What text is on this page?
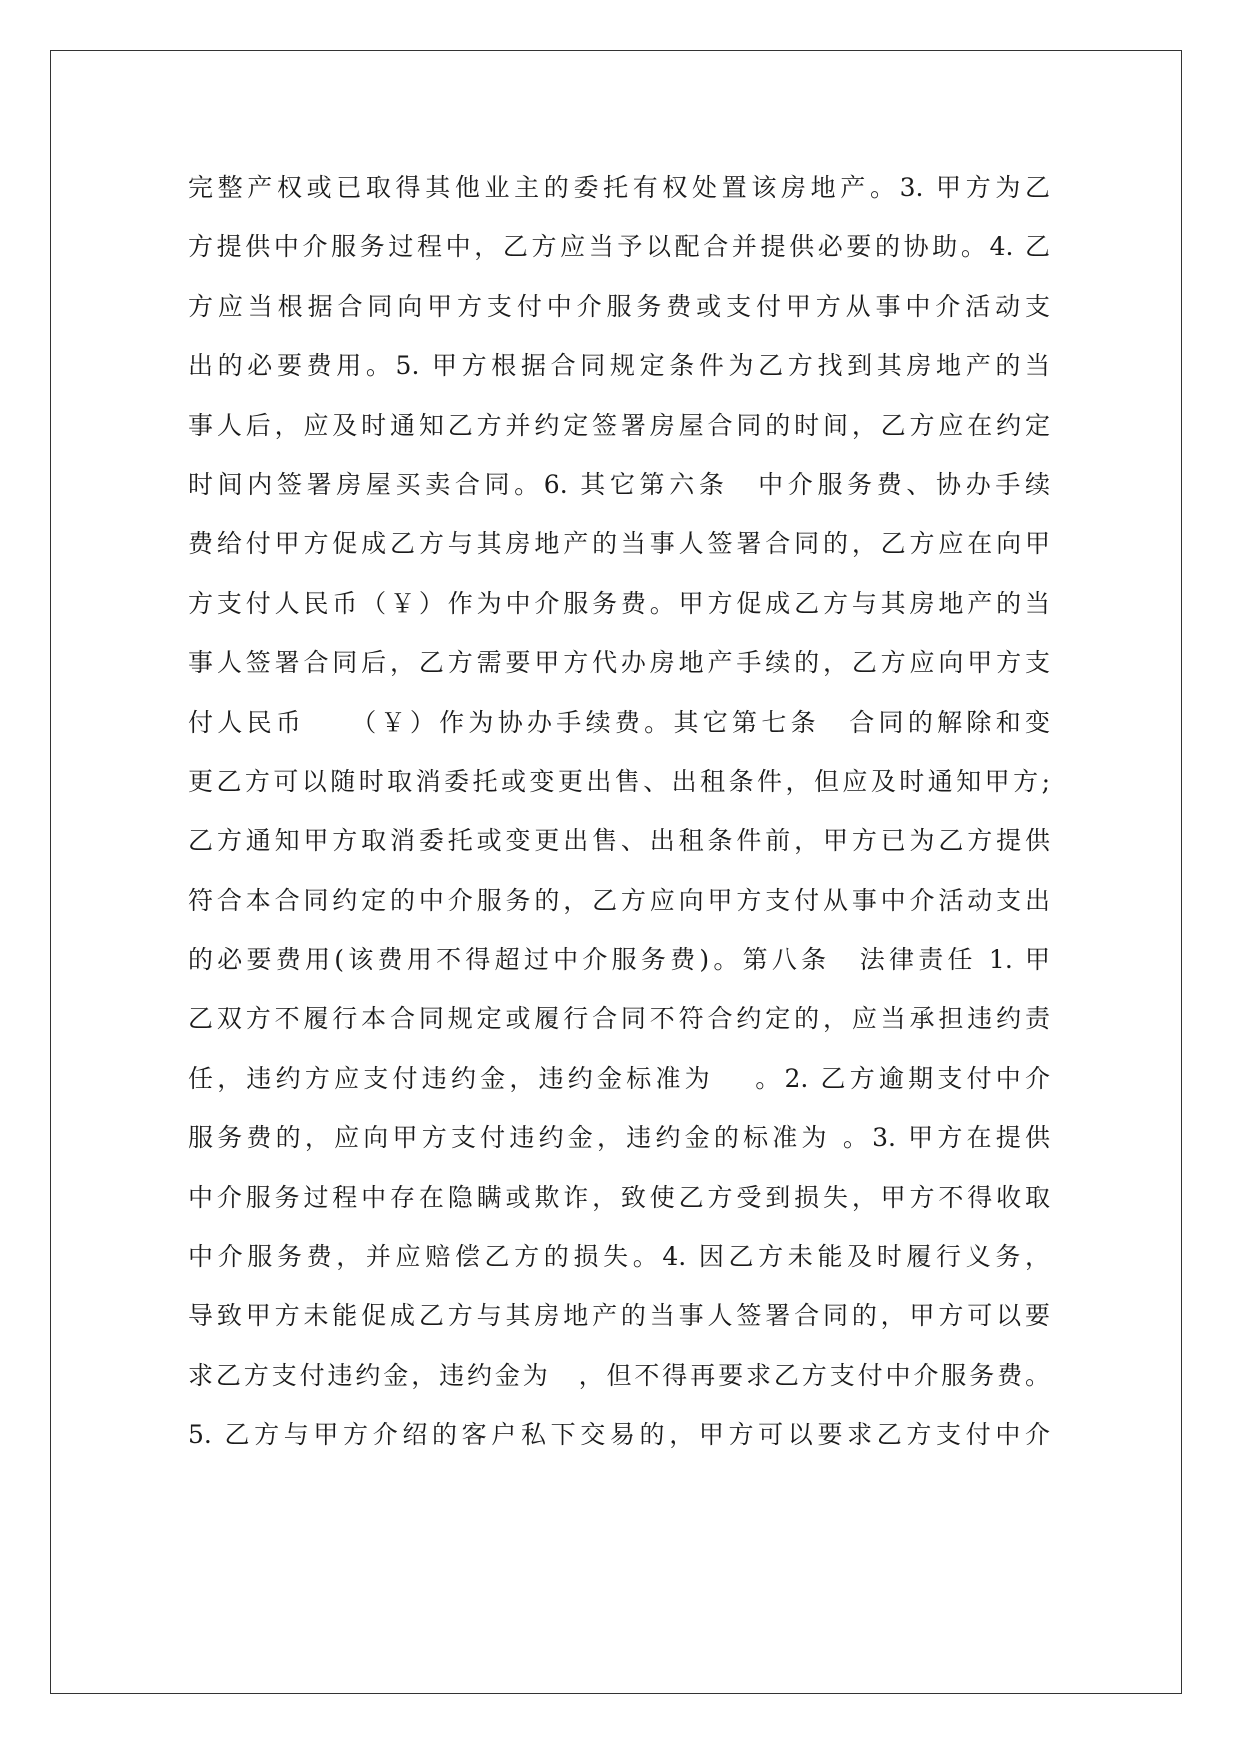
完整产权或已取得其他业主的委托有权处置该房地产。3. 甲方为乙
方提供中介服务过程中，乙方应当予以配合并提供必要的协助。4. 乙
方应当根据合同向甲方支付中介服务费或支付甲方从事中介活动支
出的必要费用。5. 甲方根据合同规定条件为乙方找到其房地产的当
事人后，应及时通知乙方并约定签署房屋合同的时间，乙方应在约定
时间内签署房屋买卖合同。6. 其它第六条　中介服务费、协办手续
费给付甲方促成乙方与其房地产的当事人签署合同的，乙方应在向甲
方支付人民币（￥）作为中介服务费。甲方促成乙方与其房地产的当
事人签署合同后，乙方需要甲方代办房地产手续的，乙方应向甲方支
付人民币　　（￥）作为协办手续费。其它第七条　合同的解除和变
更乙方可以随时取消委托或变更出售、出租条件，但应及时通知甲方;
乙方通知甲方取消委托或变更出售、出租条件前，甲方已为乙方提供
符合本合同约定的中介服务的，乙方应向甲方支付从事中介活动支出
的必要费用(该费用不得超过中介服务费)。第八条　法律责任 1. 甲
乙双方不履行本合同规定或履行合同不符合约定的，应当承担违约责
任，违约方应支付违约金，违约金标准为　 。2. 乙方逾期支付中介
服务费的，应向甲方支付违约金，违约金的标准为 。3. 甲方在提供
中介服务过程中存在隐瞒或欺诈，致使乙方受到损失，甲方不得收取
中介服务费，并应赔偿乙方的损失。4. 因乙方未能及时履行义务，
导致甲方未能促成乙方与其房地产的当事人签署合同的，甲方可以要
求乙方支付违约金，违约金为　，但不得再要求乙方支付中介服务费。
5. 乙方与甲方介绍的客户私下交易的，甲方可以要求乙方支付中介
